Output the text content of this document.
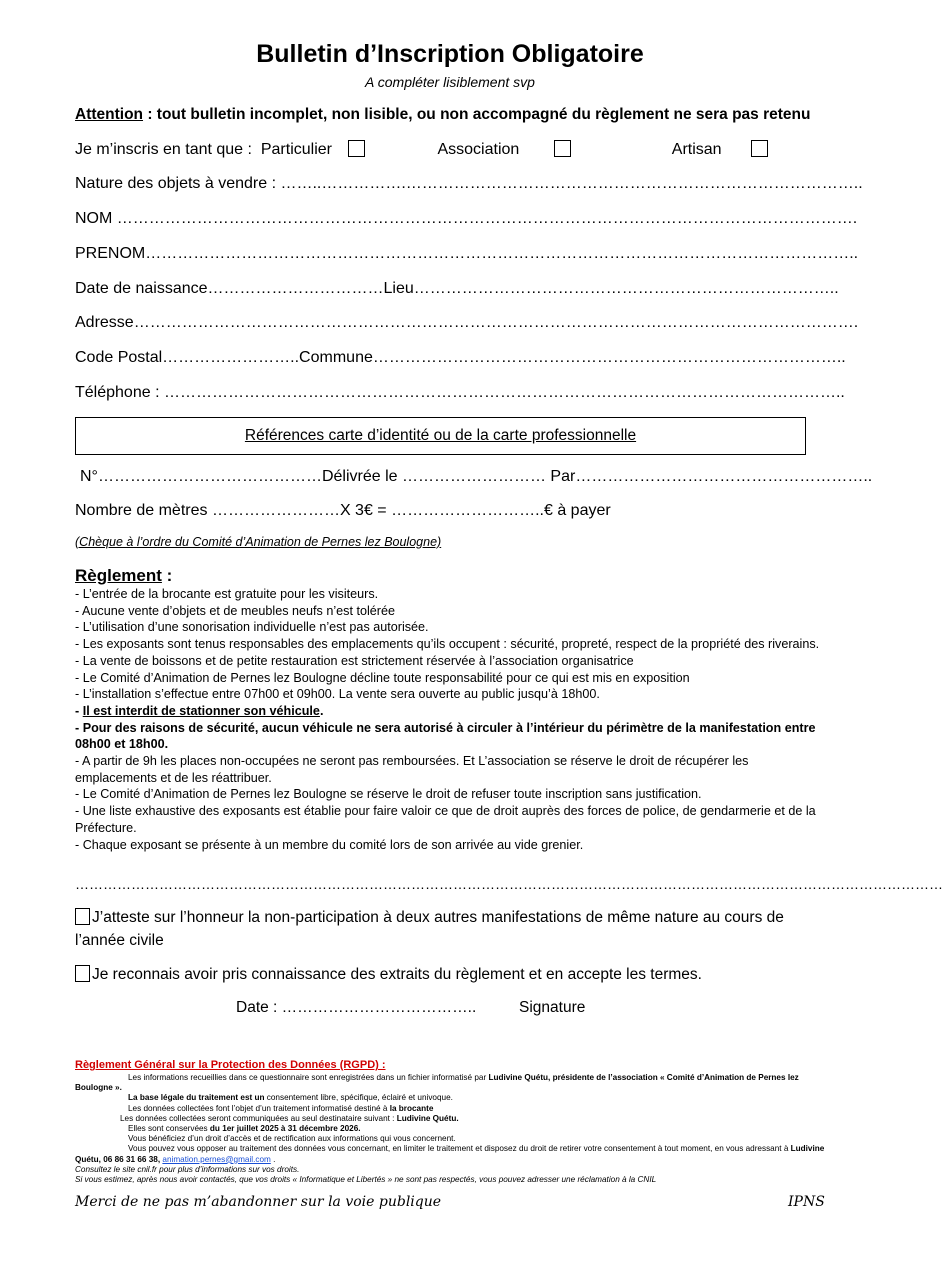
Bulletin d’Inscription Obligatoire
A compléter lisiblement svp
Attention : tout bulletin incomplet, non lisible, ou non accompagné du règlement ne sera pas retenu
Je m’inscris en tant que : Particulier	Association	Artisan
Nature des objets à vendre : ……..…………….…………………………………………………………………………..
NOM ………………………………………………………………………………………………………………………….
PRENOM……………………………………………………………………………………………………………………..
Date de naissance……………………………Lieu……………………………………………………………………..
Adresse……………………………………………………………………………………………………………………….
Code Postal……………………..Commune……………………………………………………………………………..
Téléphone : ………………………………………………………………………………………………………………..
Références carte d’identité ou de la carte professionnelle
N°……………………………………Délivrée le ……………………… Par………………………………………………..
Nombre de mètres ……………………X 3€ = ………………………..€ à payer
(Chèque à l’ordre du Comité d’Animation de Pernes lez Boulogne)
Règlement :
- L’entrée de la brocante est gratuite pour les visiteurs.
- Aucune vente d’objets et de meubles neufs n’est tolérée
- L’utilisation d’une sonorisation individuelle n’est pas autorisée.
- Les exposants sont tenus responsables des emplacements qu’ils occupent : sécurité, propreté, respect de la propriété des riverains.
- La vente de boissons et de petite restauration est strictement réservée à l’association organisatrice
- Le Comité d’Animation de Pernes lez Boulogne décline toute responsabilité pour ce qui est mis en exposition
- L’installation s’effectue entre 07h00 et 09h00. La vente sera ouverte au public jusqu’à 18h00.
- Il est interdit de stationner son véhicule.
- Pour des raisons de sécurité, aucun véhicule ne sera autorisé à circuler à l’intérieur du périmètre de la manifestation entre 08h00 et 18h00.
- A partir de 9h les places non-occupées ne seront pas remboursées. Et L’association se réserve le droit de récupérer les emplacements et de les réattribuer.
- Le Comité d’Animation de Pernes lez Boulogne se réserve le droit de refuser toute inscription sans justification.
- Une liste exhaustive des exposants est établie pour faire valoir ce que de droit auprès des forces de police, de gendarmerie et de la Préfecture.
- Chaque exposant se présente à un membre du comité lors de son arrivée au vide grenier.
……………………………………………………………………………………………………………………………………………………………………
J’atteste sur l’honneur la non-participation à deux autres manifestations de même nature au cours de l’année civile
Je reconnais avoir pris connaissance des extraits du règlement et en accepte les termes.
Date : ………………………………..	Signature
Règlement Général sur la Protection des Données (RGPD) :
Les informations recueillies dans ce questionnaire sont enregistrées dans un fichier informatisé par Ludivine Quétu, présidente de l’association « Comité d’Animation de Pernes lez Boulogne ».
La base légale du traitement est un consentement libre, spécifique, éclairé et univoque.
Les données collectées font l’objet d’un traitement informatisé destiné à la brocante
Les données collectées seront communiquées au seul destinataire suivant : Ludivine Quétu.
Elles sont conservées du 1er juillet 2025 à 31 décembre 2026.
Vous bénéficiez d’un droit d’accès et de rectification aux informations qui vous concernent.
Vous pouvez vous opposer au traitement des données vous concernant, en limiter le traitement et disposez du droit de retirer votre consentement à tout moment, en vous adressant à Ludivine Quétu, 06 86 31 66 38, animation.pernes@gmail.com .
Consultez le site cnil.fr pour plus d’informations sur vos droits.
Si vous estimez, après nous avoir contactés, que vos droits « Informatique et Libertés » ne sont pas respectés, vous pouvez adresser une réclamation à la CNIL
Merci de ne pas m’abandonner sur la voie publique	IPNS
